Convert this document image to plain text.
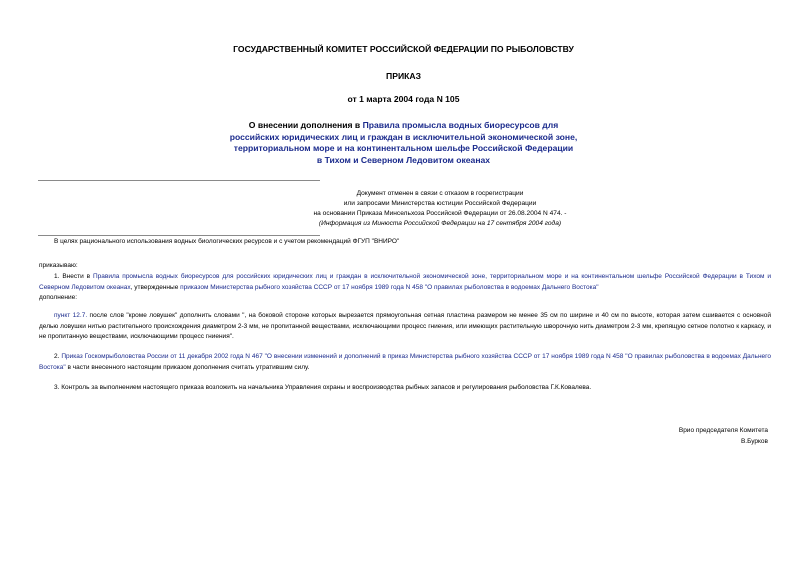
ГОСУДАРСТВЕННЫЙ КОМИТЕТ РОССИЙСКОЙ ФЕДЕРАЦИИ ПО РЫБОЛОВСТВУ
ПРИКАЗ
от 1 марта 2004 года N 105
О внесении дополнения в Правила промысла водных биоресурсов для
российских юридических лиц и граждан в исключительной экономической зоне,
территориальном море и на континентальном шельфе Российской Федерации
в Тихом и Северном Ледовитом океанах
Документ отменен в связи с отказом в госрегистрации
или запросами Министерства юстиции Российской Федерации
на основании Приказа Минсельхоза Российской Федерации от 26.08.2004 N 474. -
(Информация из Минюста Российской Федерации на 17 сентября 2004 года)
В целях рационального использования водных биологических ресурсов и с учетом рекомендаций ФГУП "ВНИРО"
приказываю:
1. Внести в Правила промысла водных биоресурсов для российских юридических лиц и граждан в исключительной экономической зоне, территориальном море и на континентальном шельфе Российской Федерации в Тихом и Северном Ледовитом океанах, утвержденные приказом Министерства рыбного хозяйства СССР от 17 ноября 1989 года N 458 "О правилах рыболовства в водоемах Дальнего Востока"
дополнение:
пункт 12.7. после слов "кроме ловушек" дополнить словами ", на боковой стороне которых вырезается прямоугольная сетная пластина размером не менее 35 см по ширине и 40 см по высоте, которая затем сшивается с основной делью ловушки нитью растительного происхождения диаметром 2-3 мм, не пропитанной веществами, исключающими процесс гниения, или имеющих растительную шворочную нить диаметром 2-3 мм, крепящую сетное полотно к каркасу, и не пропитанную веществами, исключающими процесс гниения".
2. Приказ Госкомрыболовства России от 11 декабря 2002 года N 467 "О внесении изменений и дополнений в приказ Министерства рыбного хозяйства СССР от 17 ноября 1989 года N 458 "О правилах рыболовства в водоемах Дальнего Востока" в части внесенного настоящим приказом дополнения считать утратившим силу.
3. Контроль за выполнением настоящего приказа возложить на начальника Управления охраны и воспроизводства рыбных запасов и регулирования рыболовства Г.К.Ковалева.
Врио председателя Комитета
В.Бурков
